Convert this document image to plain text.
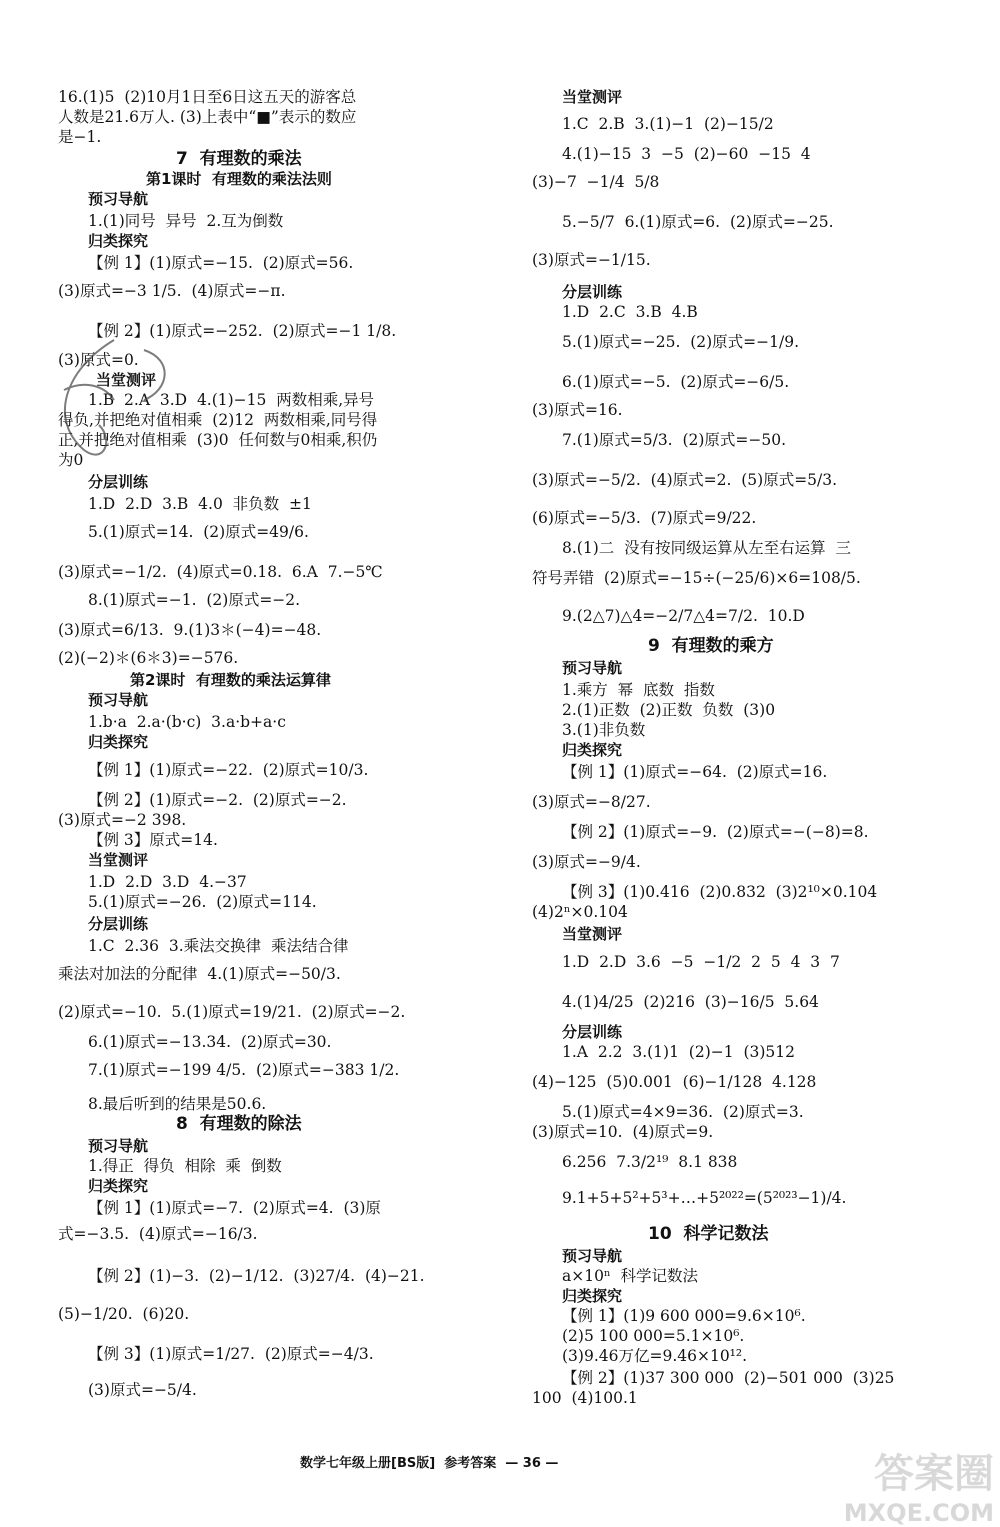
16.(1)5  (2)10月1日至6日这五天的游客总
人数是21.6万人. (3)上表中“■”表示的数应
是−1.
7  有理数的乘法
第1课时  有理数的乘法法则
预习导航
1.(1)同号  异号  2.互为倒数
归类探究
【例 1】(1)原式=−15.  (2)原式=56.
(3)原式=−3 1/5.  (4)原式=−π.
【例 2】(1)原式=−252.  (2)原式=−1 1/8.
(3)原式=0.
当堂测评
1.B  2.A  3.D  4.(1)−15  两数相乘,异号
得负,并把绝对值相乘  (2)12  两数相乘,同号得
正,并把绝对值相乘  (3)0  任何数与0相乘,积仍
为0
分层训练
1.D  2.D  3.B  4.0  非负数  ±1
5.(1)原式=14.  (2)原式=49/6.
(3)原式=−1/2.  (4)原式=0.18.  6.A  7.−5℃
8.(1)原式=−1.  (2)原式=−2.
(3)原式=6/13.  9.(1)3＊(−4)=−48.
(2)(−2)＊(6＊3)=−576.
第2课时  有理数的乘法运算律
预习导航
1.b·a  2.a·(b·c)  3.a·b+a·c
归类探究
【例 1】(1)原式=−22.  (2)原式=10/3.
【例 2】(1)原式=−2.  (2)原式=−2.
(3)原式=−2 398.
【例 3】原式=14.
当堂测评
1.D  2.D  3.D  4.−37
5.(1)原式=−26.  (2)原式=114.
分层训练
1.C  2.36  3.乘法交换律  乘法结合律
乘法对加法的分配律  4.(1)原式=−50/3.
(2)原式=−10.  5.(1)原式=19/21.  (2)原式=−2.
6.(1)原式=−13.34.  (2)原式=30.
7.(1)原式=−199 4/5.  (2)原式=−383 1/2.
8.最后听到的结果是50.6.
8  有理数的除法
预习导航
1.得正  得负  相除  乘  倒数
归类探究
【例 1】(1)原式=−7.  (2)原式=4.  (3)原
式=−3.5.  (4)原式=−16/3.
【例 2】(1)−3.  (2)−1/12.  (3)27/4.  (4)−21.
(5)−1/20.  (6)20.
【例 3】(1)原式=1/27.  (2)原式=−4/3.
(3)原式=−5/4.
当堂测评
1.C  2.B  3.(1)−1  (2)−15/2
4.(1)−15  3  −5  (2)−60  −15  4
(3)−7  −1/4  5/8
5.−5/7  6.(1)原式=6.  (2)原式=−25.
(3)原式=−1/15.
分层训练
1.D  2.C  3.B  4.B
5.(1)原式=−25.  (2)原式=−1/9.
6.(1)原式=−5.  (2)原式=−6/5.
(3)原式=16.
7.(1)原式=5/3.  (2)原式=−50.
(3)原式=−5/2.  (4)原式=2.  (5)原式=5/3.
(6)原式=−5/3.  (7)原式=9/22.
8.(1)二  没有按同级运算从左至右运算  三
符号弄错  (2)原式=−15÷(−25/6)×6=108/5.
9.(2△7)△4=−2/7△4=7/2.  10.D
9  有理数的乘方
预习导航
1.乘方  幂  底数  指数
2.(1)正数  (2)正数  负数  (3)0
3.(1)非负数
归类探究
【例 1】(1)原式=−64.  (2)原式=16.
(3)原式=−8/27.
【例 2】(1)原式=−9.  (2)原式=−(−8)=8.
(3)原式=−9/4.
【例 3】(1)0.416  (2)0.832  (3)2¹⁰×0.104
(4)2ⁿ×0.104
当堂测评
1.D  2.D  3.6  −5  −1/2  2  5  4  3  7
4.(1)4/25  (2)216  (3)−16/5  5.64
分层训练
1.A  2.2  3.(1)1  (2)−1  (3)512
(4)−125  (5)0.001  (6)−1/128  4.128
5.(1)原式=4×9=36.  (2)原式=3.
(3)原式=10.  (4)原式=9.
6.256  7.3/2¹⁹  8.1 838
9.1+5+5²+5³+…+5²⁰²²=(5²⁰²³−1)/4.
10  科学记数法
预习导航
a×10ⁿ  科学记数法
归类探究
【例 1】(1)9 600 000=9.6×10⁶.
(2)5 100 000=5.1×10⁶.
(3)9.46万亿=9.46×10¹².
【例 2】(1)37 300 000  (2)−501 000  (3)25
100  (4)100.1
数学七年级上册[BS版]  参考答案  — 36 —	答案圈
MXQE.COM
